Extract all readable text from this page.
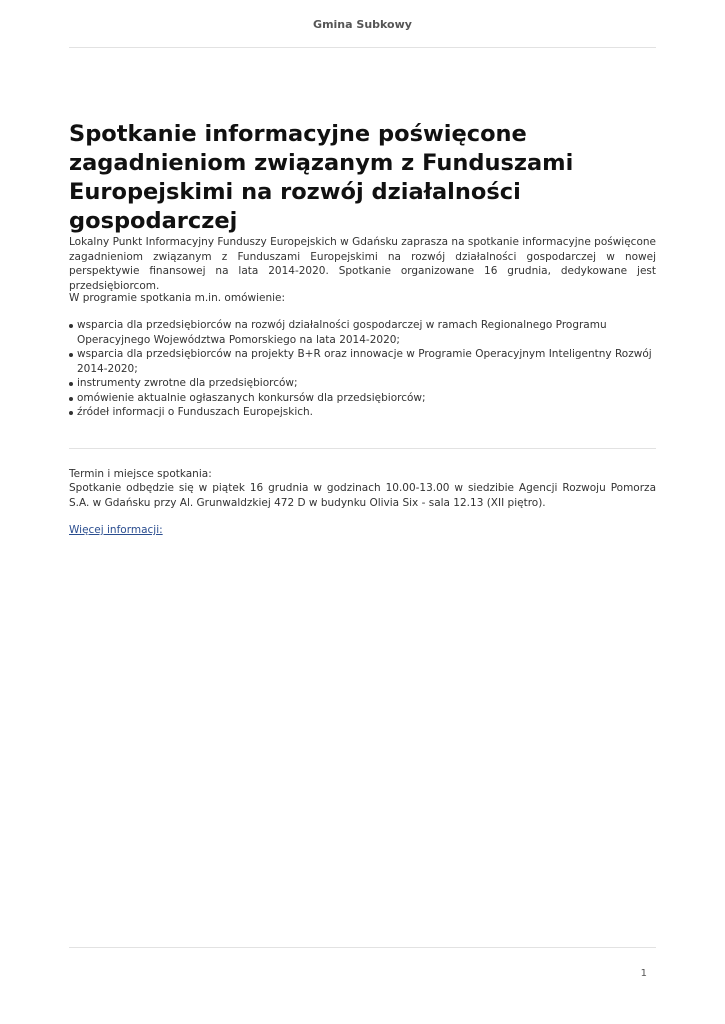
Gmina Subkowy
Spotkanie informacyjne poświęcone zagadnieniom związanym z Funduszami Europejskimi na rozwój działalności gospodarczej

Lokalny Punkt Informacyjny Funduszy Europejskich w Gdańsku zaprasza na spotkanie informacyjne poświęcone zagadnieniom związanym z Funduszami Europejskimi na rozwój działalności gospodarczej w nowej perspektywie finansowej na lata 2014-2020. Spotkanie organizowane 16 grudnia, dedykowane jest przedsiębiorcom.

W programie spotkania m.in. omówienie:

wsparcia dla przedsiębiorców na rozwój działalności gospodarczej w ramach Regionalnego Programu Operacyjnego Województwa Pomorskiego na lata 2014-2020;
wsparcia dla przedsiębiorców na projekty B+R oraz innowacje w Programie Operacyjnym Inteligentny Rozwój 2014-2020;
instrumenty zwrotne dla przedsiębiorców;
omówienie aktualnie ogłaszanych konkursów dla przedsiębiorców;
źródeł informacji o Funduszach Europejskich.

Termin i miejsce spotkania:

Spotkanie odbędzie się w piątek 16 grudnia w godzinach 10.00-13.00 w siedzibie Agencji Rozwoju Pomorza S.A. w Gdańsku przy Al. Grunwaldzkiej 472 D w budynku Olivia Six - sala 12.13 (XII piętro).

Więcej informacji:
1
